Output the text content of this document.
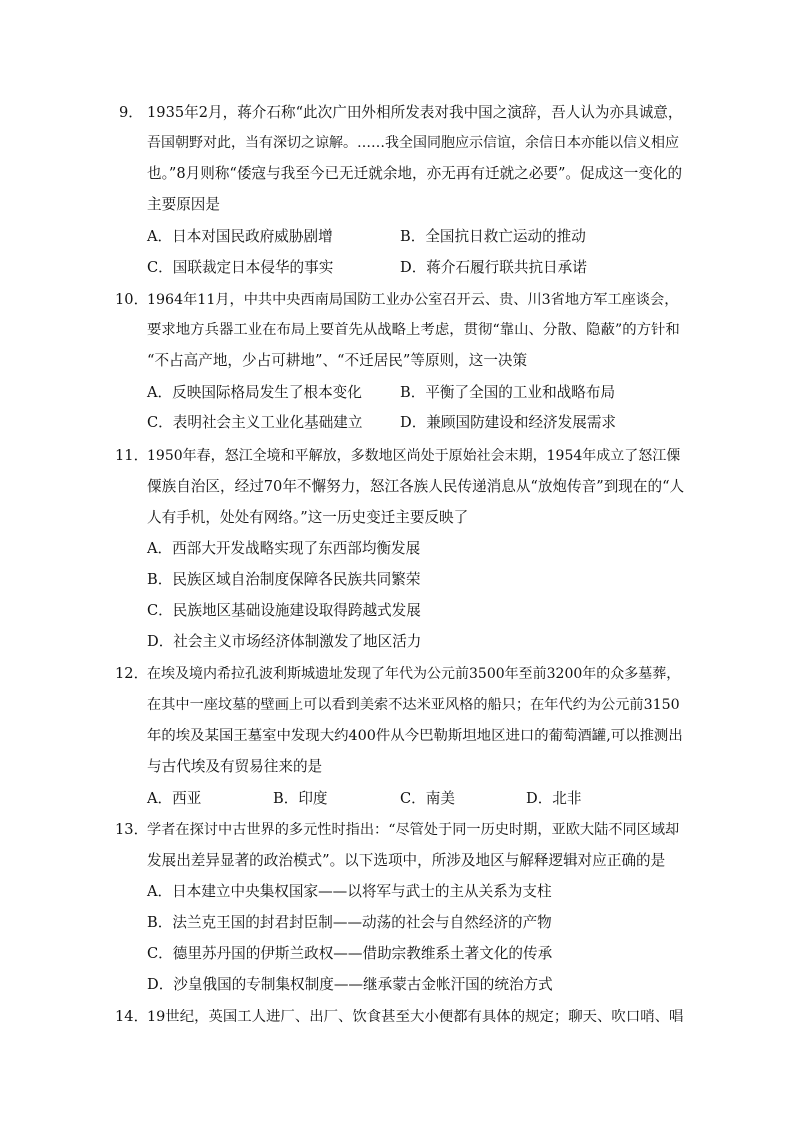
9． 1935年2月，蒋介石称“此次广田外相所发表对我中国之演辞，吾人认为亦具诚意，
吾国朝野对此，当有深切之谅解。……我全国同胞应示信谊，余信日本亦能以信义相应
也。”8月则称“倭寇与我至今已无迁就余地，亦无再有迁就之必要”。促成这一变化的
主要原因是
A．日本对国民政府威胁剧增	B．全国抗日救亡运动的推动
C．国联裁定日本侵华的事实	D．蒋介石履行联共抗日承诺
10．
1964年11月，中共中央西南局国防工业办公室召开云、贵、川3省地方军工座谈会，
要求地方兵器工业在布局上要首先从战略上考虑，贯彻“靠山、分散、隐蔽”的方针和
“不占高产地，少占可耕地”、“不迁居民”等原则，这一决策
A．反映国际格局发生了根本变化	B．平衡了全国的工业和战略布局
C．表明社会主义工业化基础建立	D．兼顾国防建设和经济发展需求
11．
1950年春，怒江全境和平解放，多数地区尚处于原始社会末期，1954年成立了怒江傈
僳族自治区，经过70年不懈努力，怒江各族人民传递消息从“放炮传音”到现在的“人
人有手机，处处有网络。”这一历史变迁主要反映了
A．西部大开发战略实现了东西部均衡发展
B．民族区域自治制度保障各民族共同繁荣
C．民族地区基础设施建设取得跨越式发展
D．社会主义市场经济体制激发了地区活力
12．
在埃及境内希拉孔波利斯城遗址发现了年代为公元前3500年至前3200年的众多墓葬，
在其中一座坟墓的壁画上可以看到美索不达米亚风格的船只；在年代约为公元前3150
年的埃及某国王墓室中发现大约400件从今巴勒斯坦地区进口的葡萄酒罐,可以推测出
与古代埃及有贸易往来的是
A．西亚	B．印度	C．南美	D．北非
13．
学者在探讨中古世界的多元性时指出：“尽管处于同一历史时期，亚欧大陆不同区域却
发展出差异显著的政治模式”。以下选项中，所涉及地区与解释逻辑对应正确的是
A．日本建立中央集权国家——以将军与武士的主从关系为支柱
B．法兰克王国的封君封臣制——动荡的社会与自然经济的产物
C．德里苏丹国的伊斯兰政权——借助宗教维系土著文化的传承
D．沙皇俄国的专制集权制度——继承蒙古金帐汗国的统治方式
14．
19世纪，英国工人进厂、出厂、饮食甚至大小便都有具体的规定；聊天、吹口哨、唱
